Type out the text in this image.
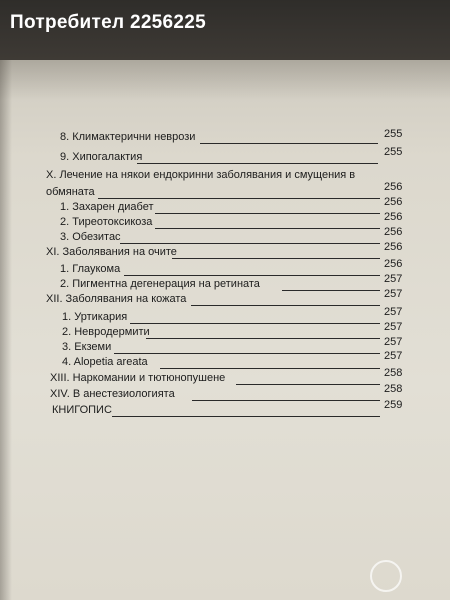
Потребител 2256225
8. Климактерични неврози	255
9. Хипогалактия	255
X. Лечение на някои ендокринни заболявания и смущения в
обмяната	256
1. Захарен диабет	256
2. Тиреотоксикоза	256
3. Обезитас	256
XI. Заболявания на очите	256
1. Глаукома	256
2. Пигментна дегенерация на ретината	257
XII. Заболявания на кожата	257
1. Уртикария	257
2. Невродермити	257
3. Екземи	257
4. Alopetia areata	257
XIII. Наркомании и тютюнопушене	258
XIV. В анестезиологията	258
КНИГОПИС	259
